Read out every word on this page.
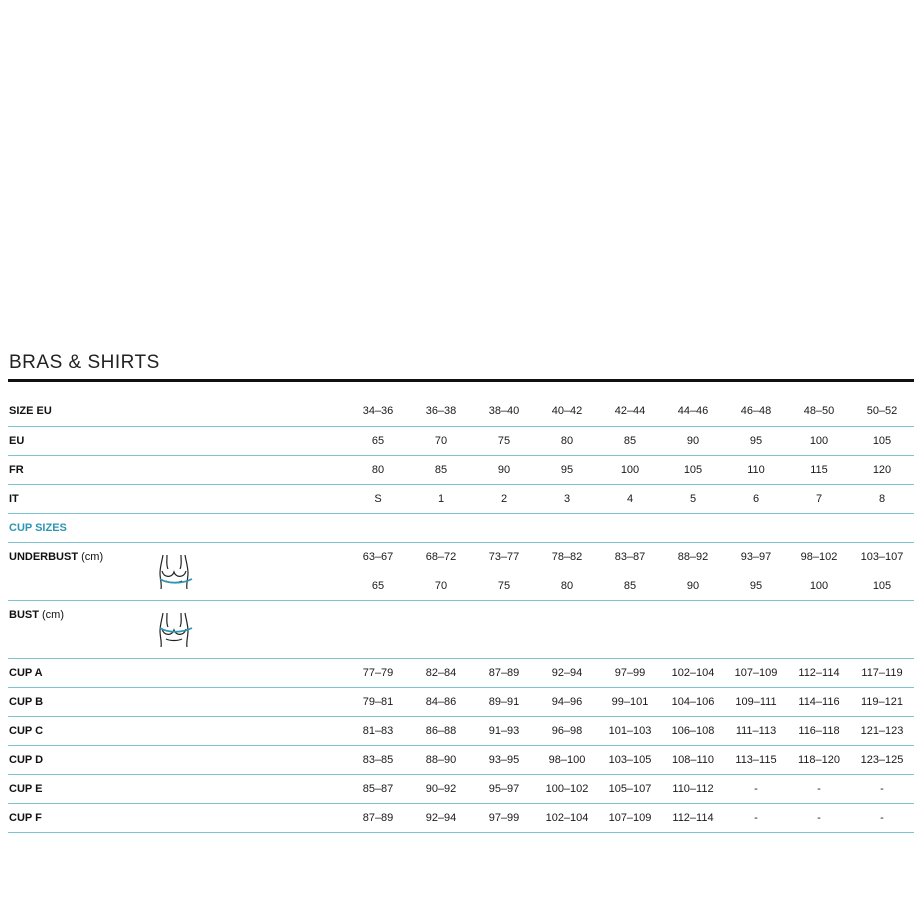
BRAS & SHIRTS
SIZE EU	34–36	36–38	38–40	40–42	42–44	44–46	46–48	48–50	50–52
EU	65	70	75	80	85	90	95	100	105
FR	80	85	90	95	100	105	110	115	120
IT	S	1	2	3	4	5	6	7	8
CUP SIZES
UNDERBUST (cm)	63–67	68–72	73–77	78–82	83–87	88–92	93–97	98–102	103–107
65	70	75	80	85	90	95	100	105
BUST (cm)
CUP A	77–79	82–84	87–89	92–94	97–99	102–104	107–109	112–114	117–119
CUP B	79–81	84–86	89–91	94–96	99–101	104–106	109–111	114–116	119–121
CUP C	81–83	86–88	91–93	96–98	101–103	106–108	111–113	116–118	121–123
CUP D	83–85	88–90	93–95	98–100	103–105	108–110	113–115	118–120	123–125
CUP E	85–87	90–92	95–97	100–102	105–107	110–112	-	-	-
CUP F	87–89	92–94	97–99	102–104	107–109	112–114	-	-	-
